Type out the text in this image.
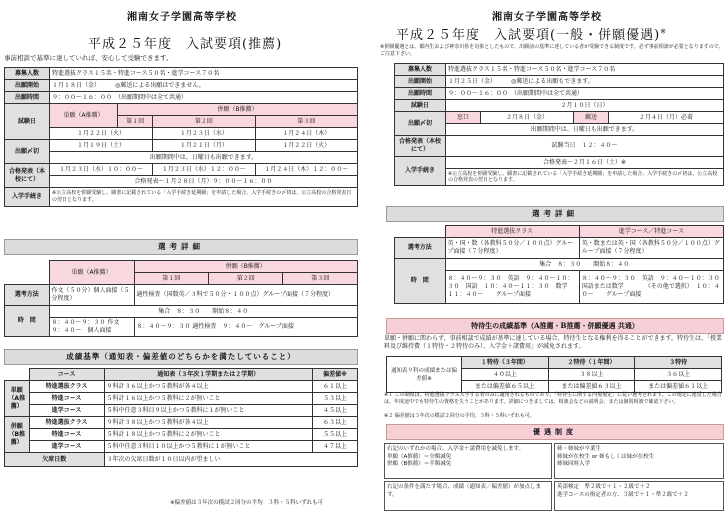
湘南女子学園高等学校
平成２５年度　入試要項(推薦)
事前相談で基準に達していれば、安心して受験できます。
募集人数	特進選抜クラス１５名・特進コース５０名・進学コース７０名			
出願開始	１月１８日（金）　　　 ◎郵送による出願はできません。			
出願時間	９：００～１６：００　（出願期間中は全て共通）			
試験日	単願（A推薦）	併願（B推薦）		
		第１回	第２回	第３回
	１月２２日（火）		１月２３日（水）	１月２４日（木）
出願〆切	１月１９日（土）		１月２１日（月）	１月２２日（火）
	出願期間中は、日曜日も出願できます。			
合格発表（本校にて）	１月２３日（水）１０：００～		１月２３日（水）１２：００～	１月２４日（木）１２：００～
	合格発表～１月２８日（月）９：００～１６：００			
入学手続き	※公立高校を併願受験し、願書に記載されている「入学手続き延期願」を申請した場合、入学手続きの〆切は、公立高校の合格発表日の翌日となります。			
選考詳細
	単願（A推薦）	併願（B推薦）		
		第１回	第２回	第３回
選考方法	作文（５０分）個人面接（５分程度）	適性検査（国数英／３科で５０分・１００点）グループ面接（７分程度）		
時　間	集合　８：３０　　開始８：４０			
	８：４０～９：３０ 作文　９：４０～　個人面接	８：４０～９：３０ 適性検査　９：４０～　グループ面接		
成績基準（通知表・偏差値のどちらかを満たしていること）
	コース	通知表（３年次１学期または２学期）	偏差値※
単願（A推薦）	特進選抜クラス	９科計３６以上かつ５教科が各４以上	６１以上
	特進コース	５科計１６以上かつ５教科に２が無いこと	５３以上
	進学コース	５科中任意３科目９以上かつ５教科に１が無いこと	４５以上
併願（B推薦）	特進選抜クラス	９科計３８以上かつ５教科が各４以上	６３以上
	特進コース	５科計１８以上かつ５教科に２が無いこと	５５以上
	進学コース	５科中任意３科目１０以上かつ５教科に１が無いこと	４７以上
欠席日数		３年次の欠席日数が１０日以内が望ましい	
※偏差値は３年次の模試２回分の平均　３科・５科いずれも可
湘南女子学園高等学校
平成２５年度　入試要項(一般・併願優遇)※
※併願優遇とは、都内生および神奈川県を対象としたもので、出願前の基準に達している者が受験できる制度です。必ず事前相談が必要となりますので、ご注意下さい。
募集人数	特進選抜クラス１５名・特進コース５０名・進学コース７０名			
出願開始	１月２５日（金）　　　 ◎郵送による出願もできます。			
出願時間	９：００～１６：００　（出願期間中は全て共通）			
試験日	２月１０日（日）			
出願〆切	窓口	２月８日（金）	郵送	２月４日（月）必着
	出願期間中は、日曜日も出願できます。			
合格発表（本校にて）	試験当日　１２：４０～			
入学手続き	合格発表～２月１６日（土）※			
	※公立高校を併願受験し、願書に記載されている「入学手続き延期願」を申請した場合、入学手続きの〆切は、公立高校の合格発表の翌日となります。			
選考詳細
	特進選抜クラス	進学コース／特進コース
選考方法	英・国・数（各教科５０分／１００点）グループ面接（７分程度）	英・数または英・国（各教科５０分／１００点）グループ面接（７分程度）
時　間	集合　８：３０　　開始８：４０	
	８：４０～９：３０　英語　９：４０～１０：３０　国語　１０：４０～１１：３０　数学　１１：４０～　　グループ面接	８：４０～９：３０　英語　９：４０～１０：３０　国語または数学　　　　（その他で選択）　１０：４０～　　グループ面接
特待生の成績基準（A推薦・B推薦・併願優遇 共通）
単願・併願に関わらず、事前相談で成績が基準に達している場合、特待生となる権利を得ることができます。特待生は、「授業料及び維持費（１特待・２特待のみ）、入学金＋諸費用」が減免されます。
通知表９科の成績または偏差値※	１特待（３年間）	２特待（１年間）	３特待
	４０以上	３８以上	３６以上
	または偏差値６５以上	または偏差値６３以上	または偏差値６１以上
※１ この制度は、特進選抜クラス入学する者のみに適用されるものであり、「特待生に関する内規規定」に従い選考されます。この規定に違反した場合は、年度途中でも特待生の資格を失うことがあります。詳細につきましては、相談会などの説明会、または個別相談で確認下さい。
※２ 偏差値は３年次の模試２回分の平均、３科・５科いずれも可。
優遇制度
右記のいずれかの場合、入学金＋諸費用を減免します。
単願（A推薦）＝全額減免
併願（B推薦）＝半額減免
姉・姉妹が卒業生
姉妹が在校生 or 姉もしくは妹が在校生
姉妹同時入学
右記の条件を満たす場合、成績（通知表／偏差値）が加点します。
英語検定　準２級で＋１・２級で＋２
進学コースの指定者の方、３級で＋１・準２級で＋２
